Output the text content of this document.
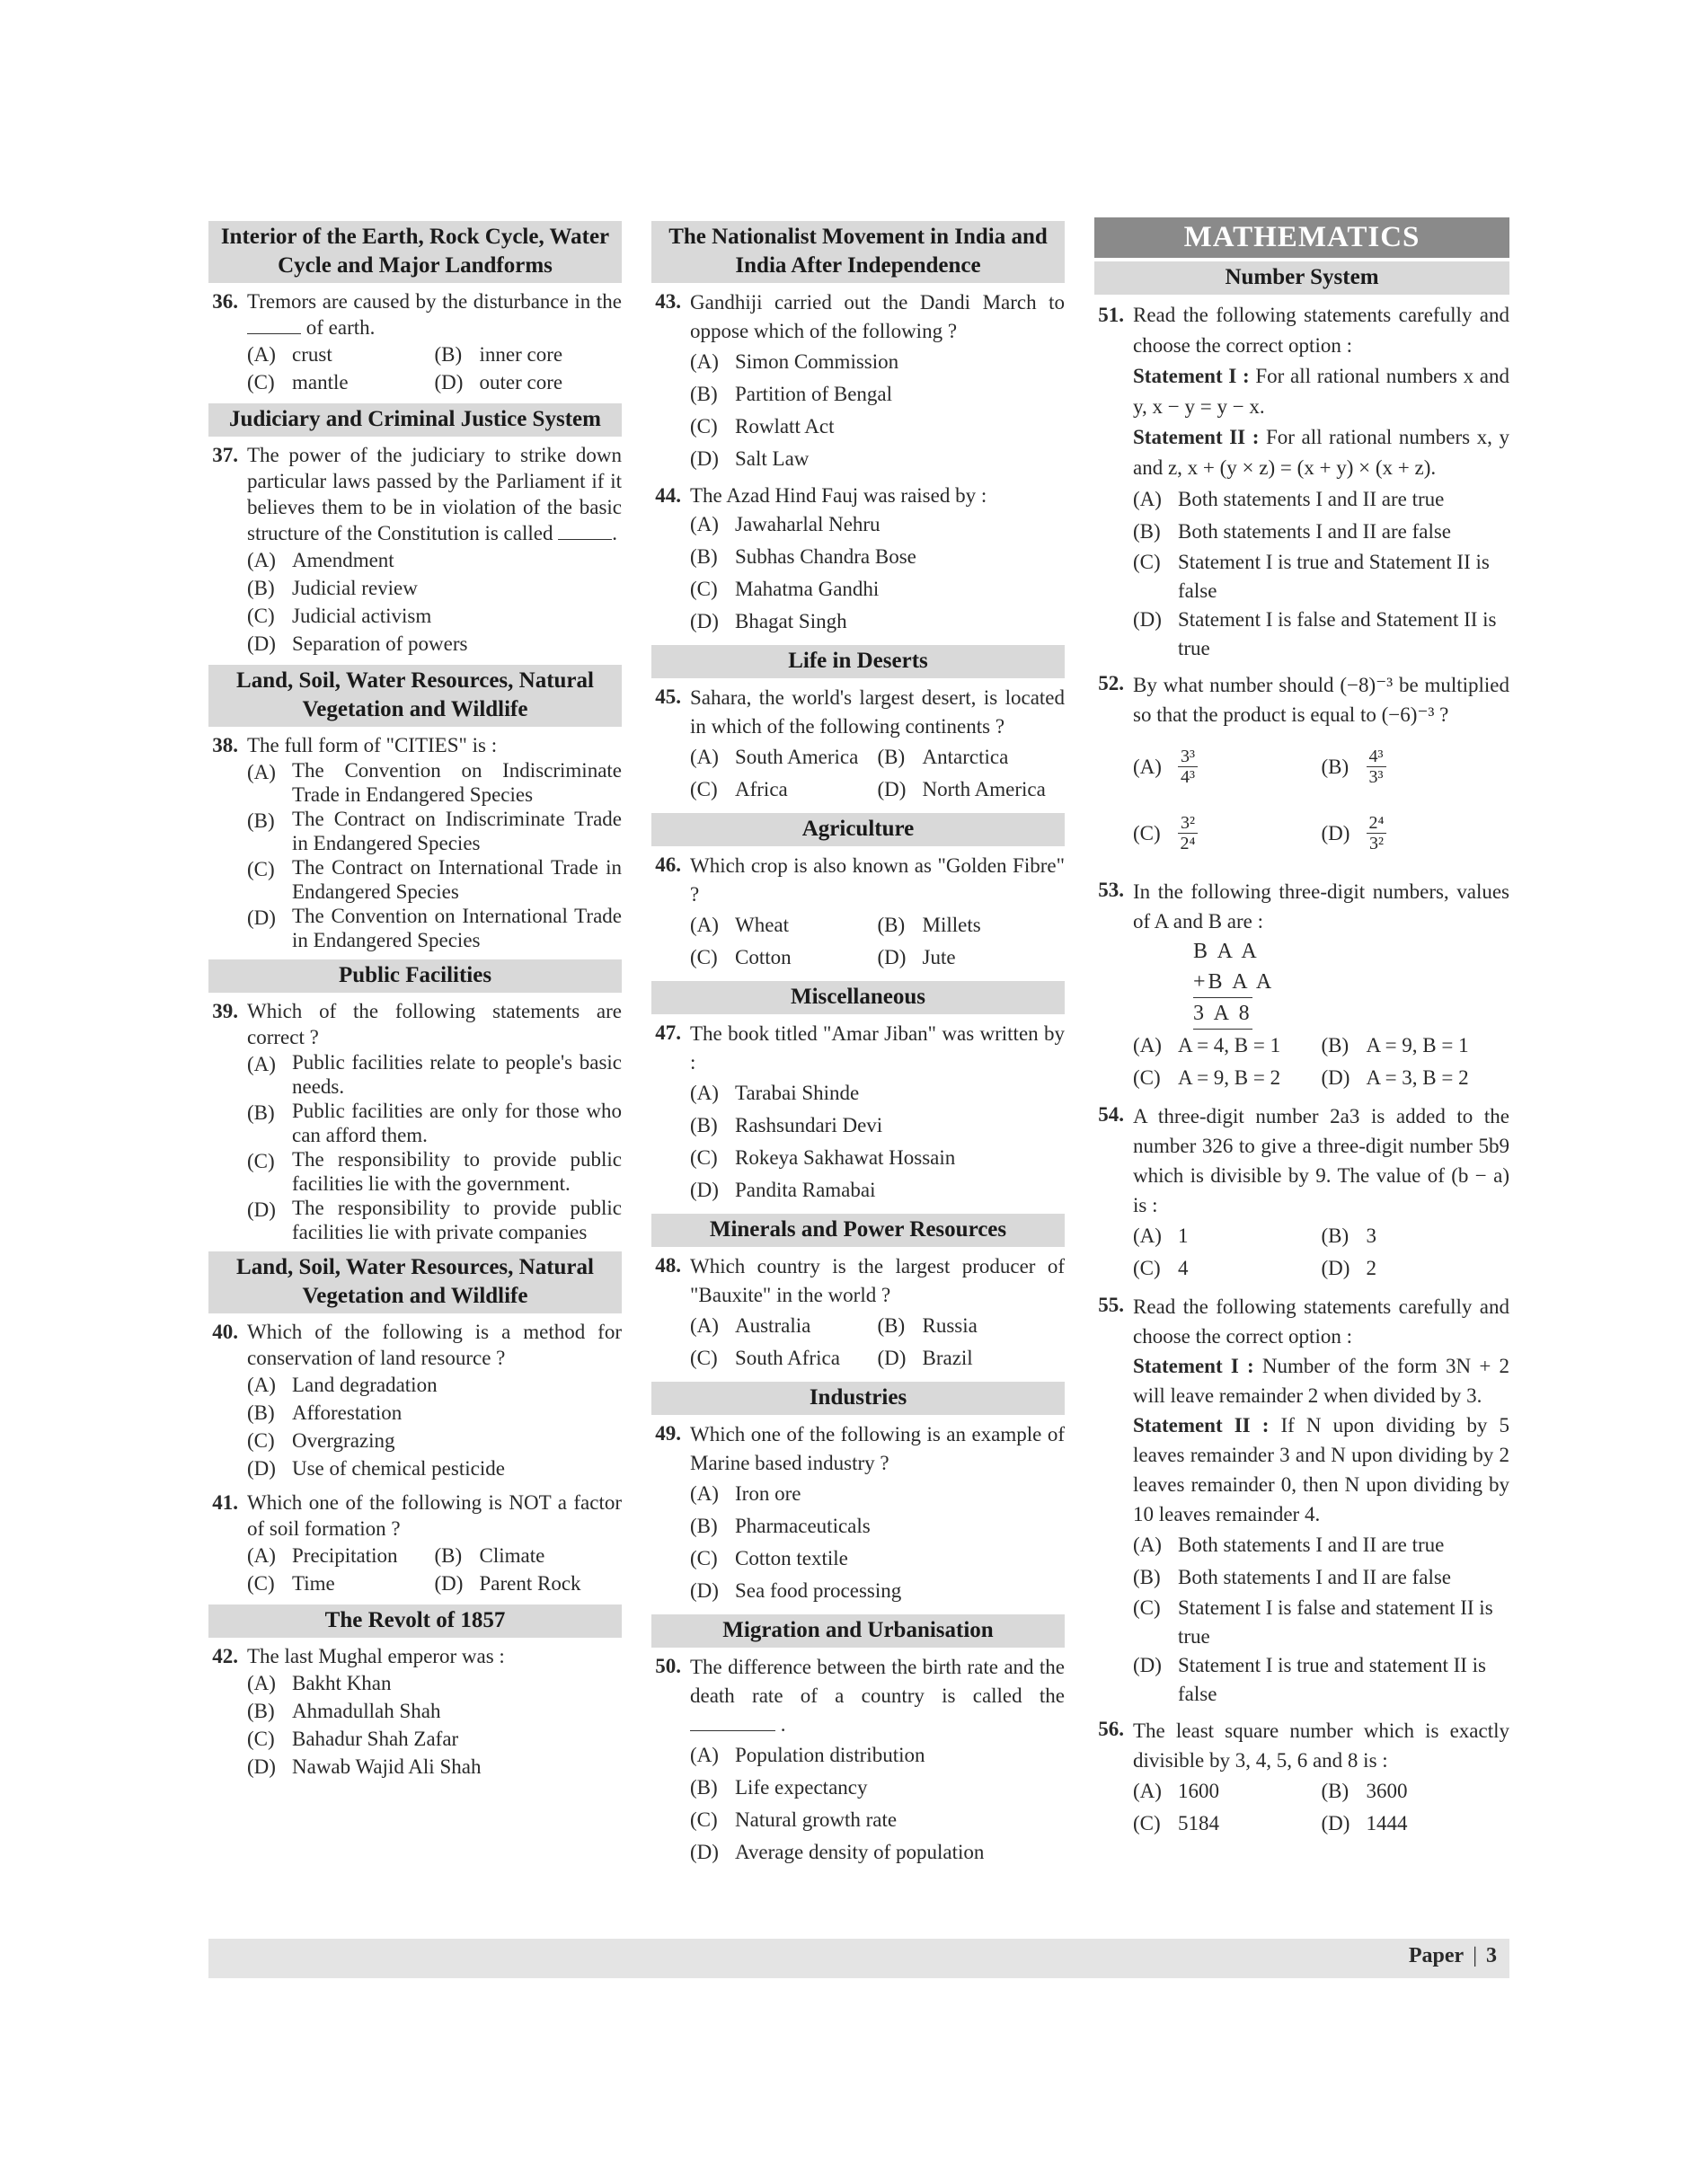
Interior of the Earth, Rock Cycle, Water Cycle and Major Landforms
36. Tremors are caused by the disturbance in the  of earth.
(A) crust	(B) inner core
(C) mantle	(D) outer core
Judiciary and Criminal Justice System
37. The power of the judiciary to strike down particular laws passed by the Parliament if it believes them to be in violation of the basic structure of the Constitution is called	.
(A) Amendment
(B) Judicial review
(C) Judicial activism
(D) Separation of powers
Land, Soil, Water Resources, Natural Vegetation and Wildlife
38. The full form of "CITIES" is :
(A) The Convention on Indiscriminate Trade in Endangered Species
(B) The Contract on Indiscriminate Trade in Endangered Species
(C) The Contract on International Trade in Endangered Species
(D) The Convention on International Trade in Endangered Species
Public Facilities
39. Which of the following statements are correct ?
(A) Public facilities relate to people's basic needs.
(B) Public facilities are only for those who can afford them.
(C) The responsibility to provide public facilities lie with the government.
(D) The responsibility to provide public facilities lie with private companies
Land, Soil, Water Resources, Natural Vegetation and Wildlife
40. Which of the following is a method for conservation of land resource ?
(A) Land degradation
(B) Afforestation
(C) Overgrazing
(D) Use of chemical pesticide
41. Which one of the following is NOT a factor of soil formation ?
(A) Precipitation (B) Climate
(C) Time	(D) Parent Rock
The Revolt of 1857
42. The last Mughal emperor was :
(A) Bakht Khan
(B) Ahmadullah Shah
(C) Bahadur Shah Zafar
(D) Nawab Wajid Ali Shah
The Nationalist Movement in India and India After Independence
43. Gandhiji carried out the Dandi March to oppose which of the following ?
(A) Simon Commission
(B) Partition of Bengal
(C) Rowlatt Act
(D) Salt Law
44. The Azad Hind Fauj was raised by :
(A) Jawaharlal Nehru
(B) Subhas Chandra Bose
(C) Mahatma Gandhi
(D) Bhagat Singh
Life in Deserts
45. Sahara, the world's largest desert, is located in which of the following continents ?
(A) South America (B) Antarctica
(C) Africa	(D) North America
Agriculture
46. Which crop is also known as "Golden Fibre" ?
(A) Wheat	(B) Millets
(C) Cotton	(D) Jute
Miscellaneous
47. The book titled "Amar Jiban" was written by :
(A) Tarabai Shinde
(B) Rashsundari Devi
(C) Rokeya Sakhawat Hossain
(D) Pandita Ramabai
Minerals and Power Resources
48. Which country is the largest producer of "Bauxite" in the world ?
(A) Australia	(B) Russia
(C) South Africa (D) Brazil
Industries
49. Which one of the following is an example of Marine based industry ?
(A) Iron ore
(B) Pharmaceuticals
(C) Cotton textile
(D) Sea food processing
Migration and Urbanisation
50. The difference between the birth rate and the death rate of a country is called the .
(A) Population distribution
(B) Life expectancy
(C) Natural growth rate
(D) Average density of population
MATHEMATICS
Number System
51. Read the following statements carefully and choose the correct option :
Statement I : For all rational numbers x and y, x − y = y − x.
Statement II : For all rational numbers x, y and z, x + (y × z) = (x + y) × (x + z).
(A) Both statements I and II are true
(B) Both statements I and II are false
(C) Statement I is true and Statement II is false
(D) Statement I is false and Statement II is true
52. By what number should (−8)⁻³ be multiplied so that the product is equal to (−6)⁻³ ?
$(A) \frac{\text{3³}}{\text{4³}}$	$(B) \frac{\text{4³}}{\text{3³}}$
$(C) \frac{\text{3²}}{\text{2⁴}}$	$(D) \frac{\text{2⁴}}{\text{3²}}$
53. In the following three-digit numbers, values of A and B are :
B A A
+B A A
3 A 8
(A) A = 4, B = 1 (B) A = 9, B = 1
(C) A = 9, B = 2 (D) A = 3, B = 2
54. A three-digit number 2a3 is added to the number 326 to give a three-digit number 5b9 which is divisible by 9. The value of (b − a) is :
(A) 1	(B) 3
(C) 4	(D) 2
55. Read the following statements carefully and choose the correct option :
Statement I : Number of the form 3N + 2 will leave remainder 2 when divided by 3.
Statement II : If N upon dividing by 5 leaves remainder 3 and N upon dividing by 2 leaves remainder 0, then N upon dividing by 10 leaves remainder 4.
(A) Both statements I and II are true
(B) Both statements I and II are false
(C) Statement I is false and statement II is true
(D) Statement I is true and statement II is false
56. The least square number which is exactly divisible by 3, 4, 5, 6 and 8 is :
(A) 1600	(B) 3600
(C) 5184	(D) 1444
Paper | 3
